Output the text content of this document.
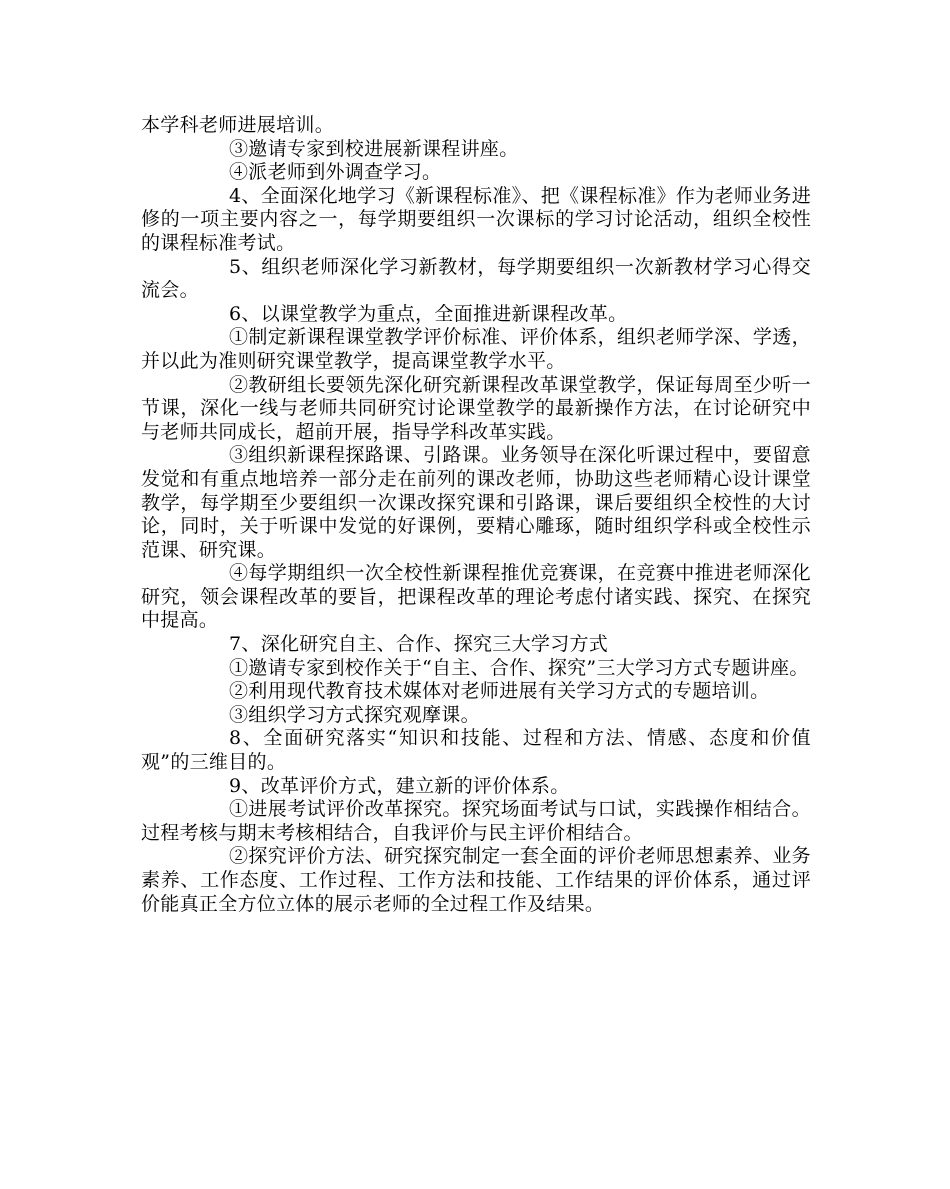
本学科老师进展培训。

③邀请专家到校进展新课程讲座。

④派老师到外调查学习。

4、全面深化地学习《新课程标准》、把《课程标准》作为老师业务进修的一项主要内容之一，每学期要组织一次课标的学习讨论活动，组织全校性的课程标准考试。

5、组织老师深化学习新教材，每学期要组织一次新教材学习心得交流会。

6、以课堂教学为重点，全面推进新课程改革。

①制定新课程课堂教学评价标准、评价体系，组织老师学深、学透，并以此为准则研究课堂教学，提高课堂教学水平。

②教研组长要领先深化研究新课程改革课堂教学，保证每周至少听一节课，深化一线与老师共同研究讨论课堂教学的最新操作方法，在讨论研究中与老师共同成长，超前开展，指导学科改革实践。

③组织新课程探路课、引路课。业务领导在深化听课过程中，要留意发觉和有重点地培养一部分走在前列的课改老师，协助这些老师精心设计课堂教学，每学期至少要组织一次课改探究课和引路课，课后要组织全校性的大讨论，同时，关于听课中发觉的好课例，要精心雕琢，随时组织学科或全校性示范课、研究课。

④每学期组织一次全校性新课程推优竞赛课，在竞赛中推进老师深化研究，领会课程改革的要旨，把课程改革的理论考虑付诸实践、探究、在探究中提高。

7、深化研究自主、合作、探究三大学习方式

①邀请专家到校作关于“自主、合作、探究”三大学习方式专题讲座。

②利用现代教育技术媒体对老师进展有关学习方式的专题培训。

③组织学习方式探究观摩课。

8、全面研究落实“知识和技能、过程和方法、情感、态度和价值观”的三维目的。

9、改革评价方式，建立新的评价体系。

①进展考试评价改革探究。探究场面考试与口试，实践操作相结合。过程考核与期末考核相结合，自我评价与民主评价相结合。

②探究评价方法、研究探究制定一套全面的评价老师思想素养、业务素养、工作态度、工作过程、工作方法和技能、工作结果的评价体系，通过评价能真正全方位立体的展示老师的全过程工作及结果。
